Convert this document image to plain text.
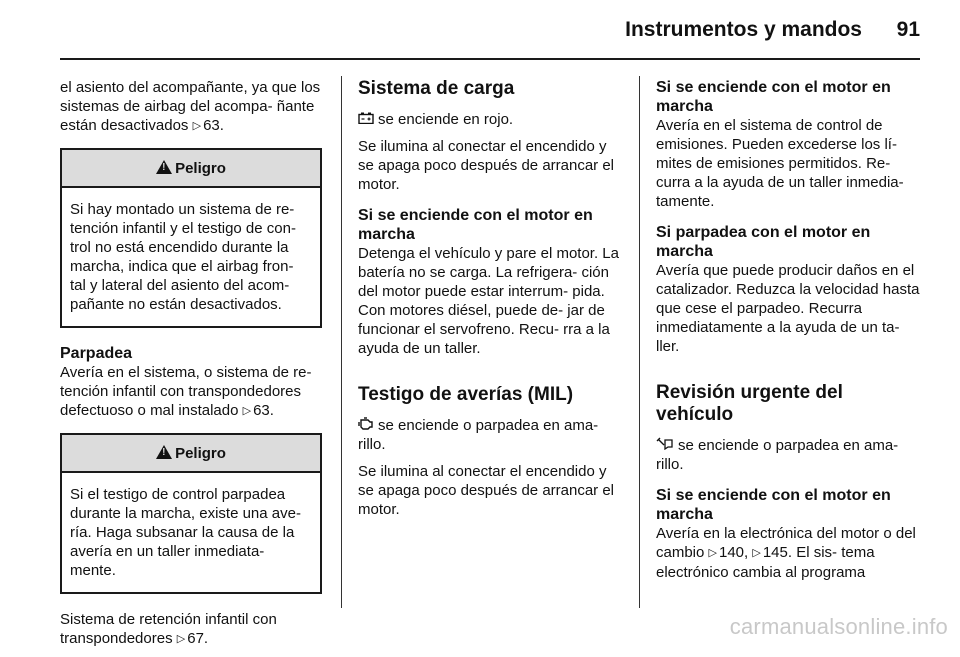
Instrumentos y mandos 91

el asiento del acompañante, ya que los sistemas de airbag del acompa- ñante están desactivados ▷ 63.

!
Peligro
Si hay montado un sistema de re- tención infantil y el testigo de con- trol no está encendido durante la marcha, indica que el airbag fron- tal y lateral del asiento del acom- pañante no están desactivados.
Parpadea

Avería en el sistema, o sistema de re- tención infantil con transpondedores defectuoso o mal instalado ▷ 63.

!
Peligro
Si el testigo de control parpadea durante la marcha, existe una ave- ría. Haga subsanar la causa de la avería en un taller inmediata- mente.

Sistema de retención infantil con transpondedores ▷ 67.

Sistema de carga

se enciende en rojo.

Se ilumina al conectar el encendido y se apaga poco después de arrancar el motor.

Si se enciende con el motor en marcha

Detenga el vehículo y pare el motor. La batería no se carga. La refrigera- ción del motor puede estar interrum- pida. Con motores diésel, puede de- jar de funcionar el servofreno. Recu- rra a la ayuda de un taller.

Testigo de averías (MIL)

se enciende o parpadea en ama- rillo.

Se ilumina al conectar el encendido y se apaga poco después de arrancar el motor.

Si se enciende con el motor en marcha

Avería en el sistema de control de emisiones. Pueden excederse los lí- mites de emisiones permitidos. Re- curra a la ayuda de un taller inmedia- tamente.

Si parpadea con el motor en marcha

Avería que puede producir daños en el catalizador. Reduzca la velocidad hasta que cese el parpadeo. Recurra inmediatamente a la ayuda de un ta- ller.

Revisión urgente del vehículo

se enciende o parpadea en ama- rillo.

Si se enciende con el motor en marcha

Avería en la electrónica del motor o del cambio ▷ 140, ▷ 145. El sis- tema electrónico cambia al programa

carmanualsonline.info
